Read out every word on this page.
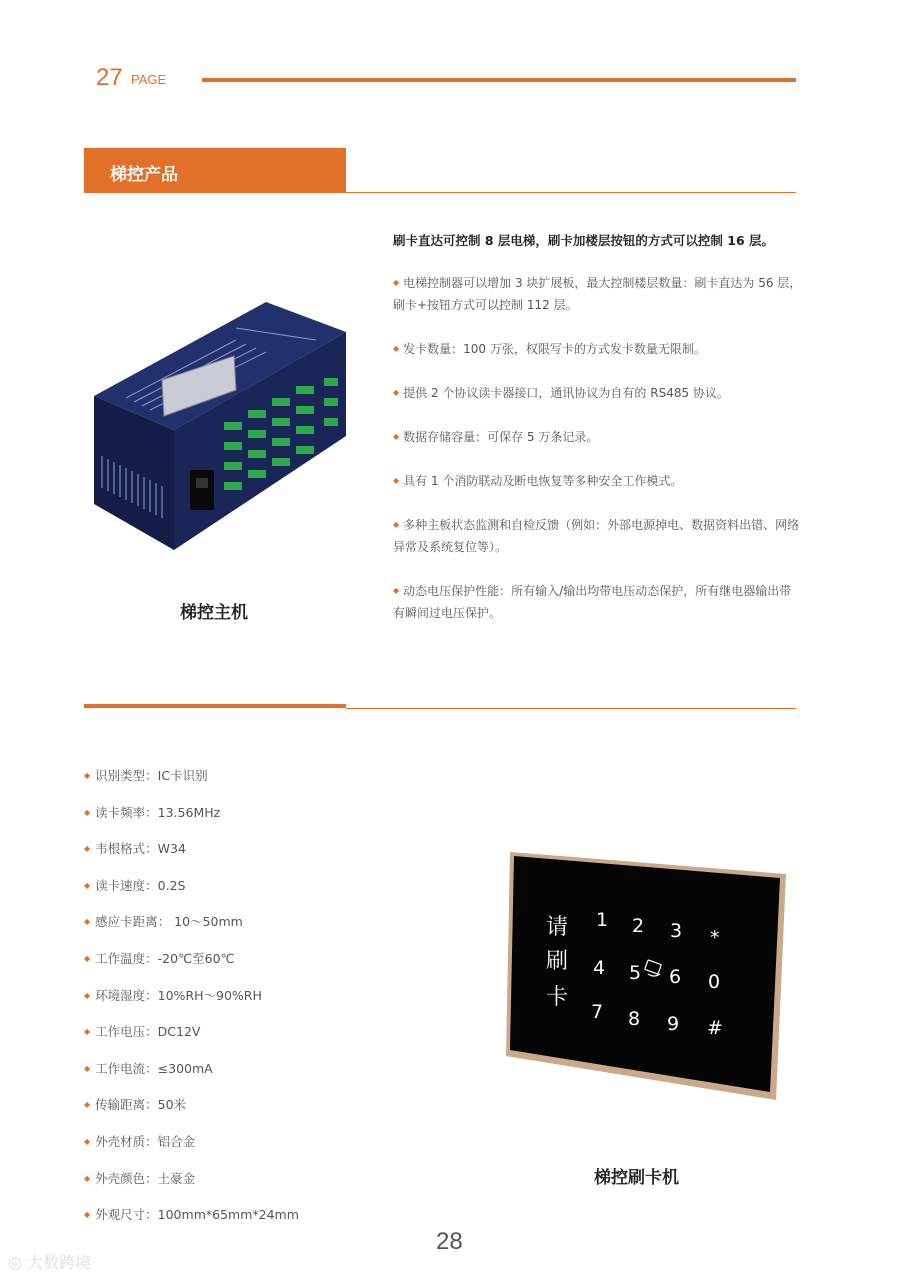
27 PAGE
梯控产品
梯控主机
刷卡直达可控制 8 层电梯，刷卡加楼层按钮的方式可以控制 16 层。
◆ 电梯控制器可以增加 3 块扩展板，最大控制楼层数量：刷卡直达为 56 层，刷卡+按钮方式可以控制 112 层。
◆ 发卡数量：100 万张，权限写卡的方式发卡数量无限制。
◆ 提供 2 个协议读卡器接口，通讯协议为自有的 RS485 协议。
◆ 数据存储容量：可保存 5 万条记录。
◆ 具有 1 个消防联动及断电恢复等多种安全工作模式。
◆ 多种主板状态监测和自检反馈（例如：外部电源掉电、数据资料出错、网络异常及系统复位等）。
◆ 动态电压保护性能：所有输入/输出均带电压动态保护，所有继电器输出带有瞬间过电压保护。
◆ 识别类型：IC卡识别
◆ 读卡频率：13.56MHz
◆ 韦根格式：W34
◆ 读卡速度：0.2S
◆ 感应卡距离： 10～50mm
◆ 工作温度：-20℃至60℃
◆ 环境湿度：10%RH～90%RH
◆ 工作电压：DC12V
◆ 工作电流：≤300mA
◆ 传输距离：50米
◆ 外壳材质：铝合金
◆ 外壳颜色：土豪金
◆ 外观尺寸：100mm*65mm*24mm
请
刷
卡
1 2 3 *
4 5 6 0
7 8 9 #
梯控刷卡机
28
◎ 大数跨境
